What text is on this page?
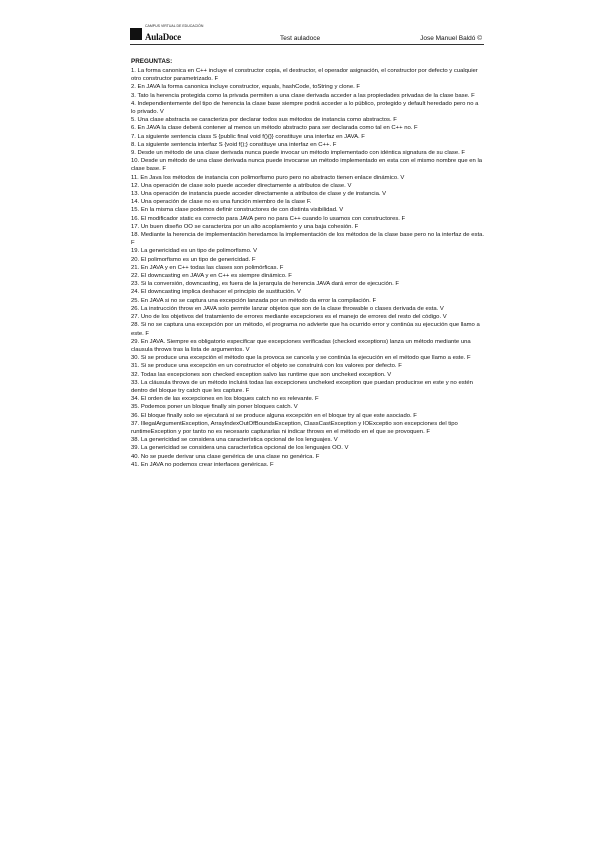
CAMPUS VIRTUAL DE EDUCACIÓN
AulaDoce	Test auladoce	Jose Manuel Baldó ©
PREGUNTAS:
1. La forma canonica en C++ incluye el constructor copia, el destructor, el operador asignación, el constructor por defecto y cualquier otro constructor parametrizado. F
2. En JAVA la forma canonica incluye constructor, equals, hashCode, toString y clone. F
3. Tato la herencia protegida como la privada permiten a una clase derivada acceder a las propiedades privadas de la clase base. F
4. Independientemente del tipo de herencia la clase base siempre podrá acceder a lo público, protegido y default heredado pero no a lo privado. V
5. Una clase abstracta se caracteriza por declarar todos sus métodos de instancia como abstractos. F
6. En JAVA la clase deberá contener al menos un método abstracto para ser declarada como tal en C++ no. F
7. La siguiente sentencia class S {public final void f(){}} constituye una interfaz en JAVA. F
8. La siguiente sentencia interfaz S {void f();} constituye una interfaz en C++. F
9. Desde un método de una clase derivada nunca puede invocar un método implementado con idéntica signatura de su clase. F
10. Desde un método de una clase derivada nunca puede invocarse un método implementado en esta con el mismo nombre que en la clase base. F
11. En Java los métodos de instancia con polimorfismo puro pero no abstracto tienen enlace dinámico. V
12. Una operación de clase solo puede acceder directamente a atributos de clase. V
13. Una operación de instancia puede acceder directamente a atributos de clase y de instancia. V
14. Una operación de clase no es una función miembro de la clase F.
15. En la misma clase podemos definir constructores de con distinta visibilidad. V
16. El modificador static es correcto para JAVA pero no para C++ cuando lo usamos con constructores. F
17. Un buen diseño OO se caracteriza por un alto acoplamiento y una baja cohesión. F
18. Mediante la herencia de implementación heredamos la implementación de los métodos de la clase base pero no la interfaz de esta. F
19. La genericidad es un tipo de polimorfismo. V
20. El polimorfismo es un tipo de genericidad. F
21. En JAVA y en C++ todas las clases son polimórficas. F
22. El downcasting en JAVA y en C++ es siempre dinámico. F
23. Si la conversión, downcasting, es fuera de la jerarquía de herencia JAVA dará error de ejecución. F
24. El downcasting implica deshacer el principio de sustitución. V
25. En JAVA si no se captura una excepción lanzada por un método da error la compilación. F
26. La instrucción throw en JAVA solo permite lanzar objetos que son de la clase throwable o clases derivada de esta. V
27. Uno de los objetivos del tratamiento de errores mediante excepciones es el manejo de errores del resto del código. V
28. Si no se captura una excepción por un método, el programa no advierte que ha ocurrido error y continúa su ejecución que llamo a este. F
29. En JAVA. Siempre es obligatorio especificar que excepciones verificadas (checked exceptions) lanza un método mediante una clausula throws tras la lista de argumentos. V
30. Si se produce una excepción el método que la provoca se cancela y se continúa la ejecución en el método que llamo a este. F
31. Si se produce una excepción en un constructor el objeto se construirá con los valores por defecto. F
32. Todas las excepciones son checked exception salvo las runtime que son uncheked exception. V
33. La cláusula throws de un método incluirá todas las excepciones uncheked exception que puedan producirse en este y no estén dentro del bloque try catch que les capture. F
34. El orden de las excepciones en los bloques catch no es relevante. F
35. Podemos poner un bloque finally sin poner bloques catch. V
36. El bloque finally solo se ejecutará si se produce alguna excepción en el bloque try al que este asociado. F
37. IllegalArgumentException, ArrayIndexOutOfBoundsException, ClassCastException y IOExceptio son excepciones del tipo runtimeException y por tanto no es necesario capturarlas ni indicar throws en el método en el que se provoquen. F
38. La genericidad se considera una característica opcional de los lenguajes. V
39. La genericidad se considera una característica opcional de los lenguajes OO. V
40. No se puede derivar una clase genérica de una clase no genérica. F
41. En JAVA no podemos crear interfaces genéricas. F
